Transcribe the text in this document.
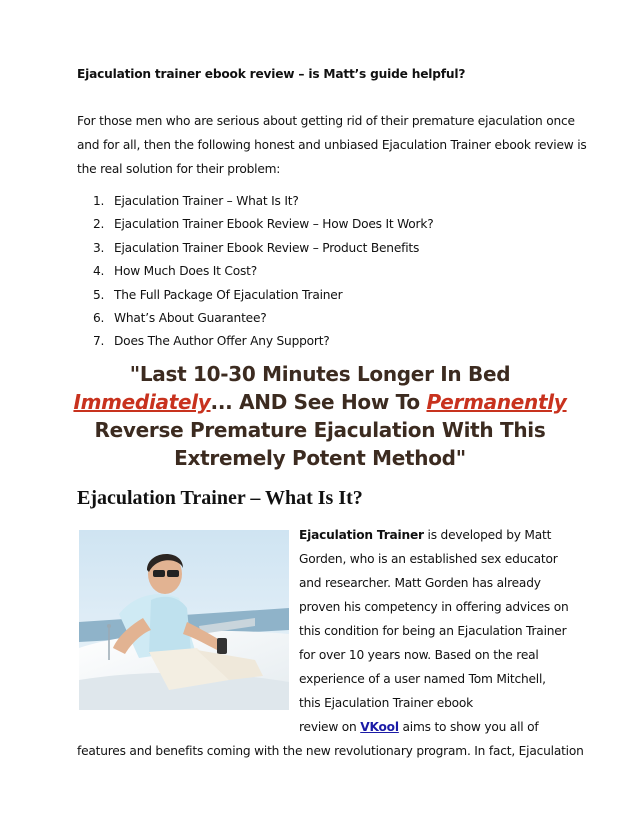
Ejaculation trainer ebook review – is Matt’s guide helpful?

For those men who are serious about getting rid of their premature ejaculation once

and for all, then the following honest and unbiased Ejaculation Trainer ebook review is

the real solution for their problem:

1. Ejaculation Trainer – What Is It?
2. Ejaculation Trainer Ebook Review – How Does It Work?
3. Ejaculation Trainer Ebook Review – Product Benefits
4. How Much Does It Cost?
5. The Full Package Of Ejaculation Trainer
6. What’s About Guarantee?
7. Does The Author Offer Any Support?
"Last 10-30 Minutes Longer In Bed
Immediately... AND See How To Permanently
Reverse Premature Ejaculation With This
Extremely Potent Method"
Ejaculation Trainer – What Is It?

Ejaculation Trainer is developed by Matt

Gorden, who is an established sex educator

and researcher. Matt Gorden has already

proven his competency in offering advices on

this condition for being an Ejaculation Trainer

for over 10 years now. Based on the real

experience of a user named Tom Mitchell,

this Ejaculation Trainer ebook

review on VKool aims to show you all of

features and benefits coming with the new revolutionary program. In fact, Ejaculation
